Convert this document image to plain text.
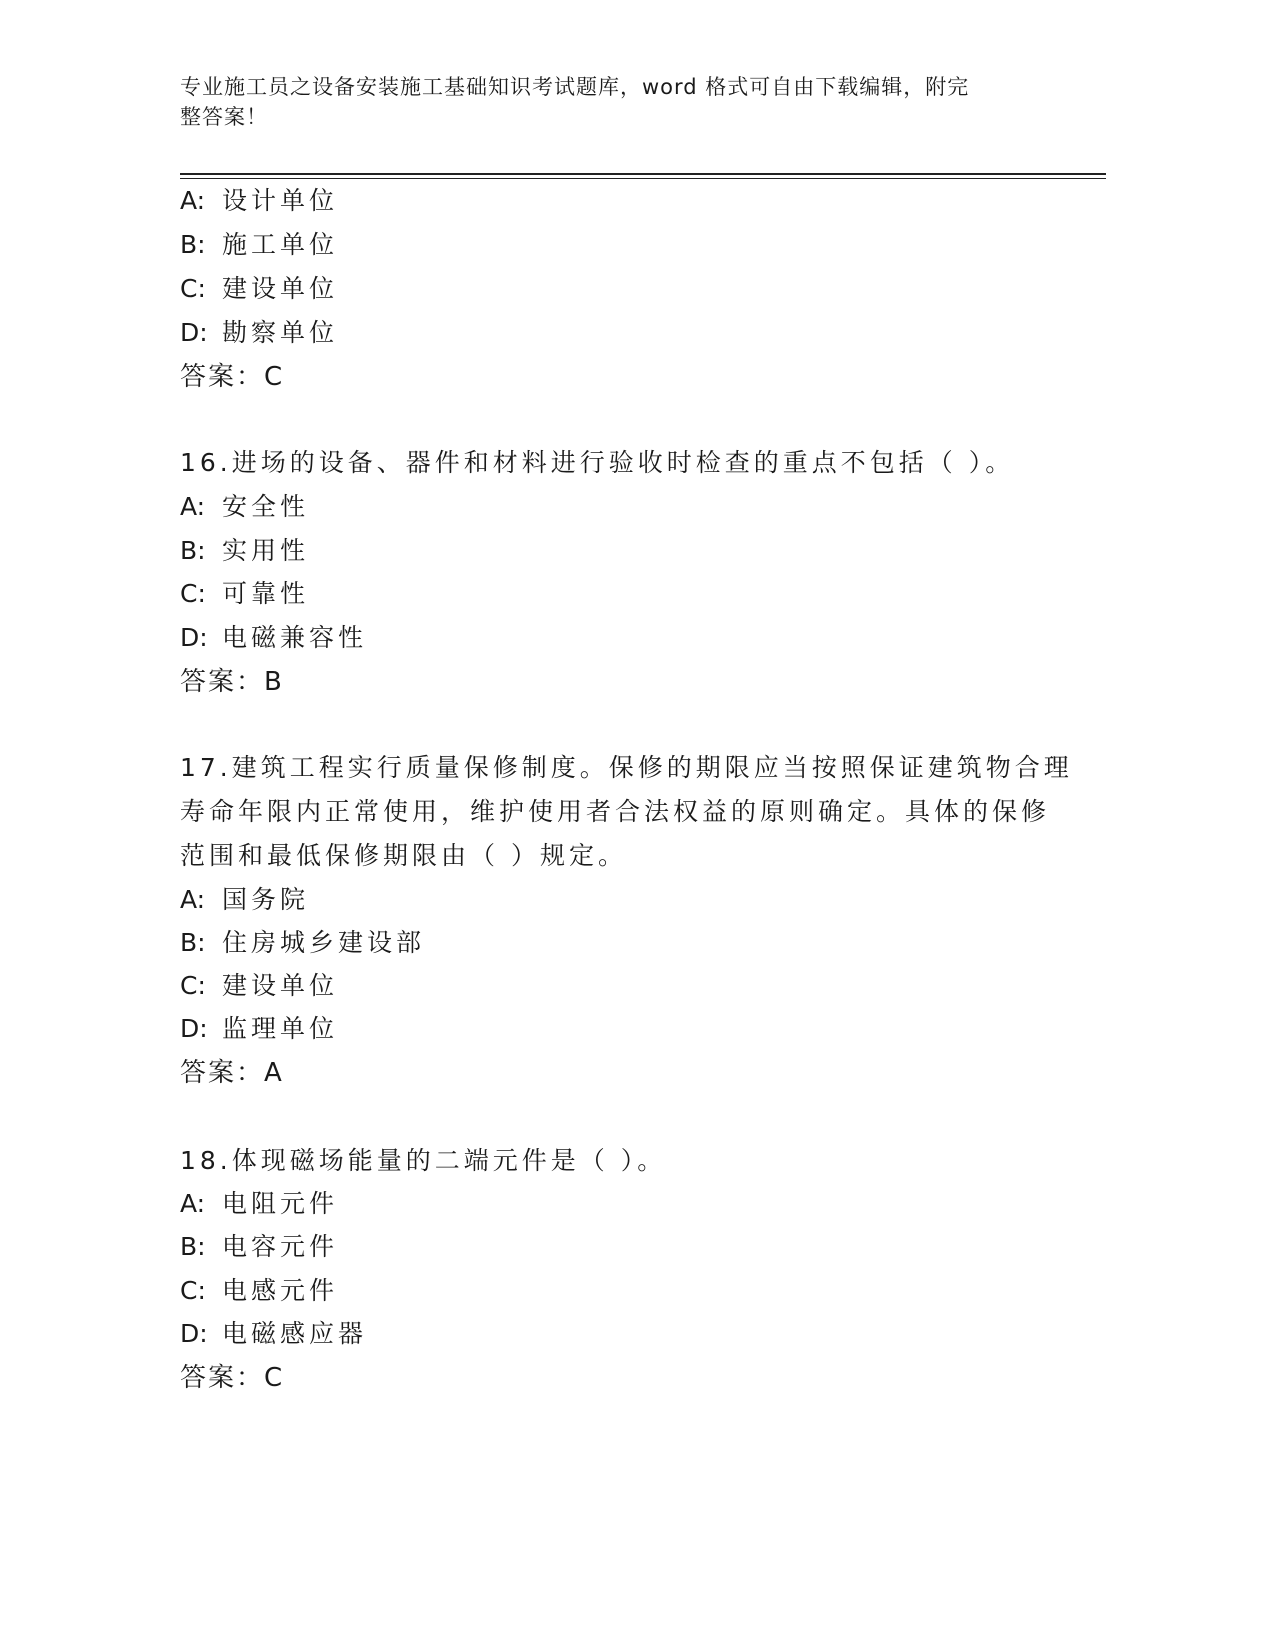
专业施工员之设备安装施工基础知识考试题库，word 格式可自由下载编辑，附完
整答案！
A: 设计单位
B: 施工单位
C: 建设单位
D: 勘察单位
答案：C
16.进场的设备、器件和材料进行验收时检查的重点不包括（ ）。
A: 安全性
B: 实用性
C: 可靠性
D: 电磁兼容性
答案：B
17.建筑工程实行质量保修制度。保修的期限应当按照保证建筑物合理
寿命年限内正常使用，维护使用者合法权益的原则确定。具体的保修
范围和最低保修期限由（ ）规定。
A: 国务院
B: 住房城乡建设部
C: 建设单位
D: 监理单位
答案：A
18.体现磁场能量的二端元件是（ ）。
A: 电阻元件
B: 电容元件
C: 电感元件
D: 电磁感应器
答案：C
